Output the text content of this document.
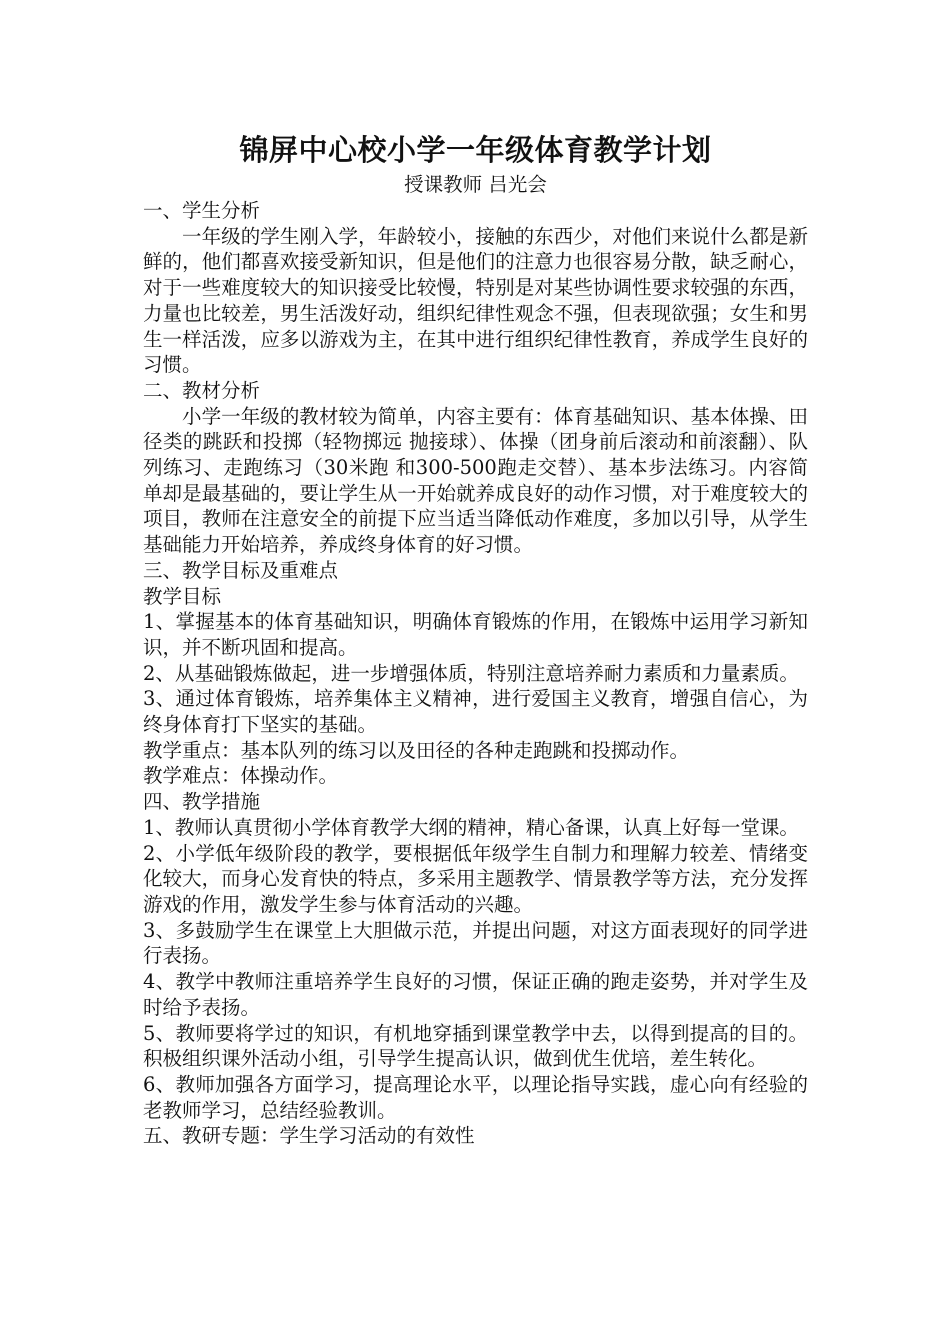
锦屏中心校小学一年级体育教学计划

授课教师 吕光会

一、学生分析

一年级的学生刚入学，年龄较小，接触的东西少，对他们来说什么都是新鲜的，他们都喜欢接受新知识，但是他们的注意力也很容易分散，缺乏耐心，对于一些难度较大的知识接受比较慢，特别是对某些协调性要求较强的东西，力量也比较差，男生活泼好动，组织纪律性观念不强，但表现欲强；女生和男生一样活泼，应多以游戏为主，在其中进行组织纪律性教育，养成学生良好的习惯。

二、教材分析

小学一年级的教材较为简单，内容主要有：体育基础知识、基本体操、田径类的跳跃和投掷（轻物掷远 抛接球）、体操（团身前后滚动和前滚翻）、队列练习、走跑练习（30米跑 和300-500跑走交替）、基本步法练习。内容简单却是最基础的，要让学生从一开始就养成良好的动作习惯，对于难度较大的项目，教师在注意安全的前提下应当适当降低动作难度，多加以引导，从学生基础能力开始培养，养成终身体育的好习惯。

三、教学目标及重难点

教学目标

1、掌握基本的体育基础知识，明确体育锻炼的作用，在锻炼中运用学习新知识，并不断巩固和提高。

2、从基础锻炼做起，进一步增强体质，特别注意培养耐力素质和力量素质。

3、通过体育锻炼，培养集体主义精神，进行爱国主义教育，增强自信心，为终身体育打下坚实的基础。

教学重点：基本队列的练习以及田径的各种走跑跳和投掷动作。

教学难点：体操动作。

四、教学措施

1、教师认真贯彻小学体育教学大纲的精神，精心备课，认真上好每一堂课。

2、小学低年级阶段的教学，要根据低年级学生自制力和理解力较差、情绪变化较大，而身心发育快的特点，多采用主题教学、情景教学等方法，充分发挥游戏的作用，激发学生参与体育活动的兴趣。

3、多鼓励学生在课堂上大胆做示范，并提出问题，对这方面表现好的同学进行表扬。

4、教学中教师注重培养学生良好的习惯，保证正确的跑走姿势，并对学生及时给予表扬。

5、教师要将学过的知识，有机地穿插到课堂教学中去，以得到提高的目的。积极组织课外活动小组，引导学生提高认识，做到优生优培，差生转化。

6、教师加强各方面学习，提高理论水平，以理论指导实践，虚心向有经验的老教师学习，总结经验教训。

五、教研专题：学生学习活动的有效性
